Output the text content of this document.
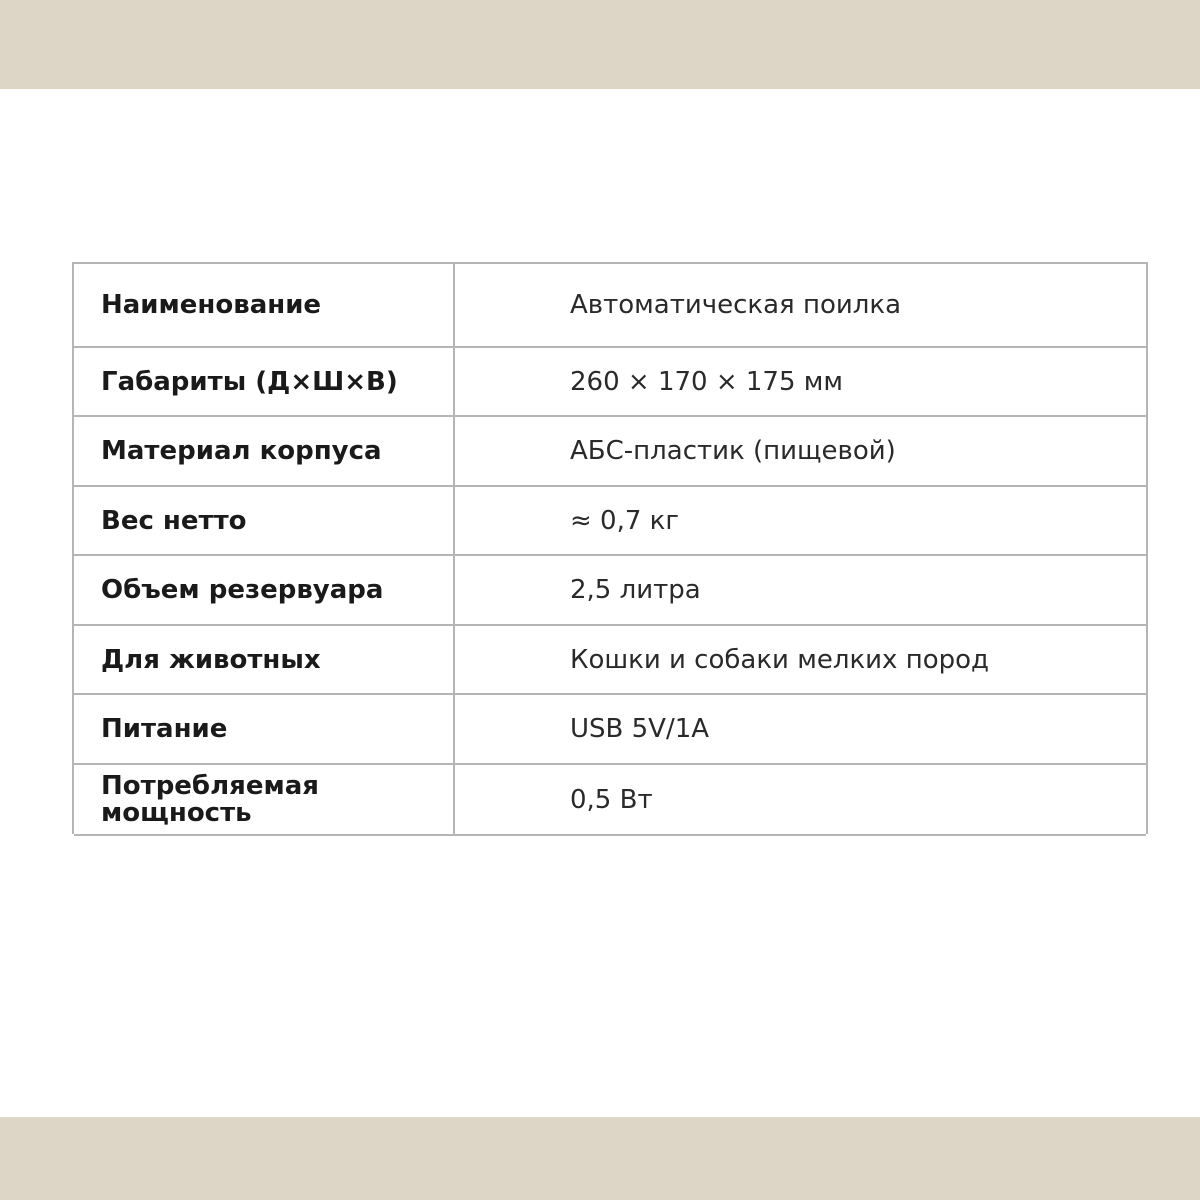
Наименование	Автоматическая поилка
Габариты (Д×Ш×В)	260 × 170 × 175 мм
Материал корпуса	АБС-пластик (пищевой)
Вес нетто	≈ 0,7 кг
Объем резервуара	2,5 литра
Для животных	Кошки и собаки мелких пород
Питание	USB 5V/1A
Потребляемая мощность	0,5 Вт
